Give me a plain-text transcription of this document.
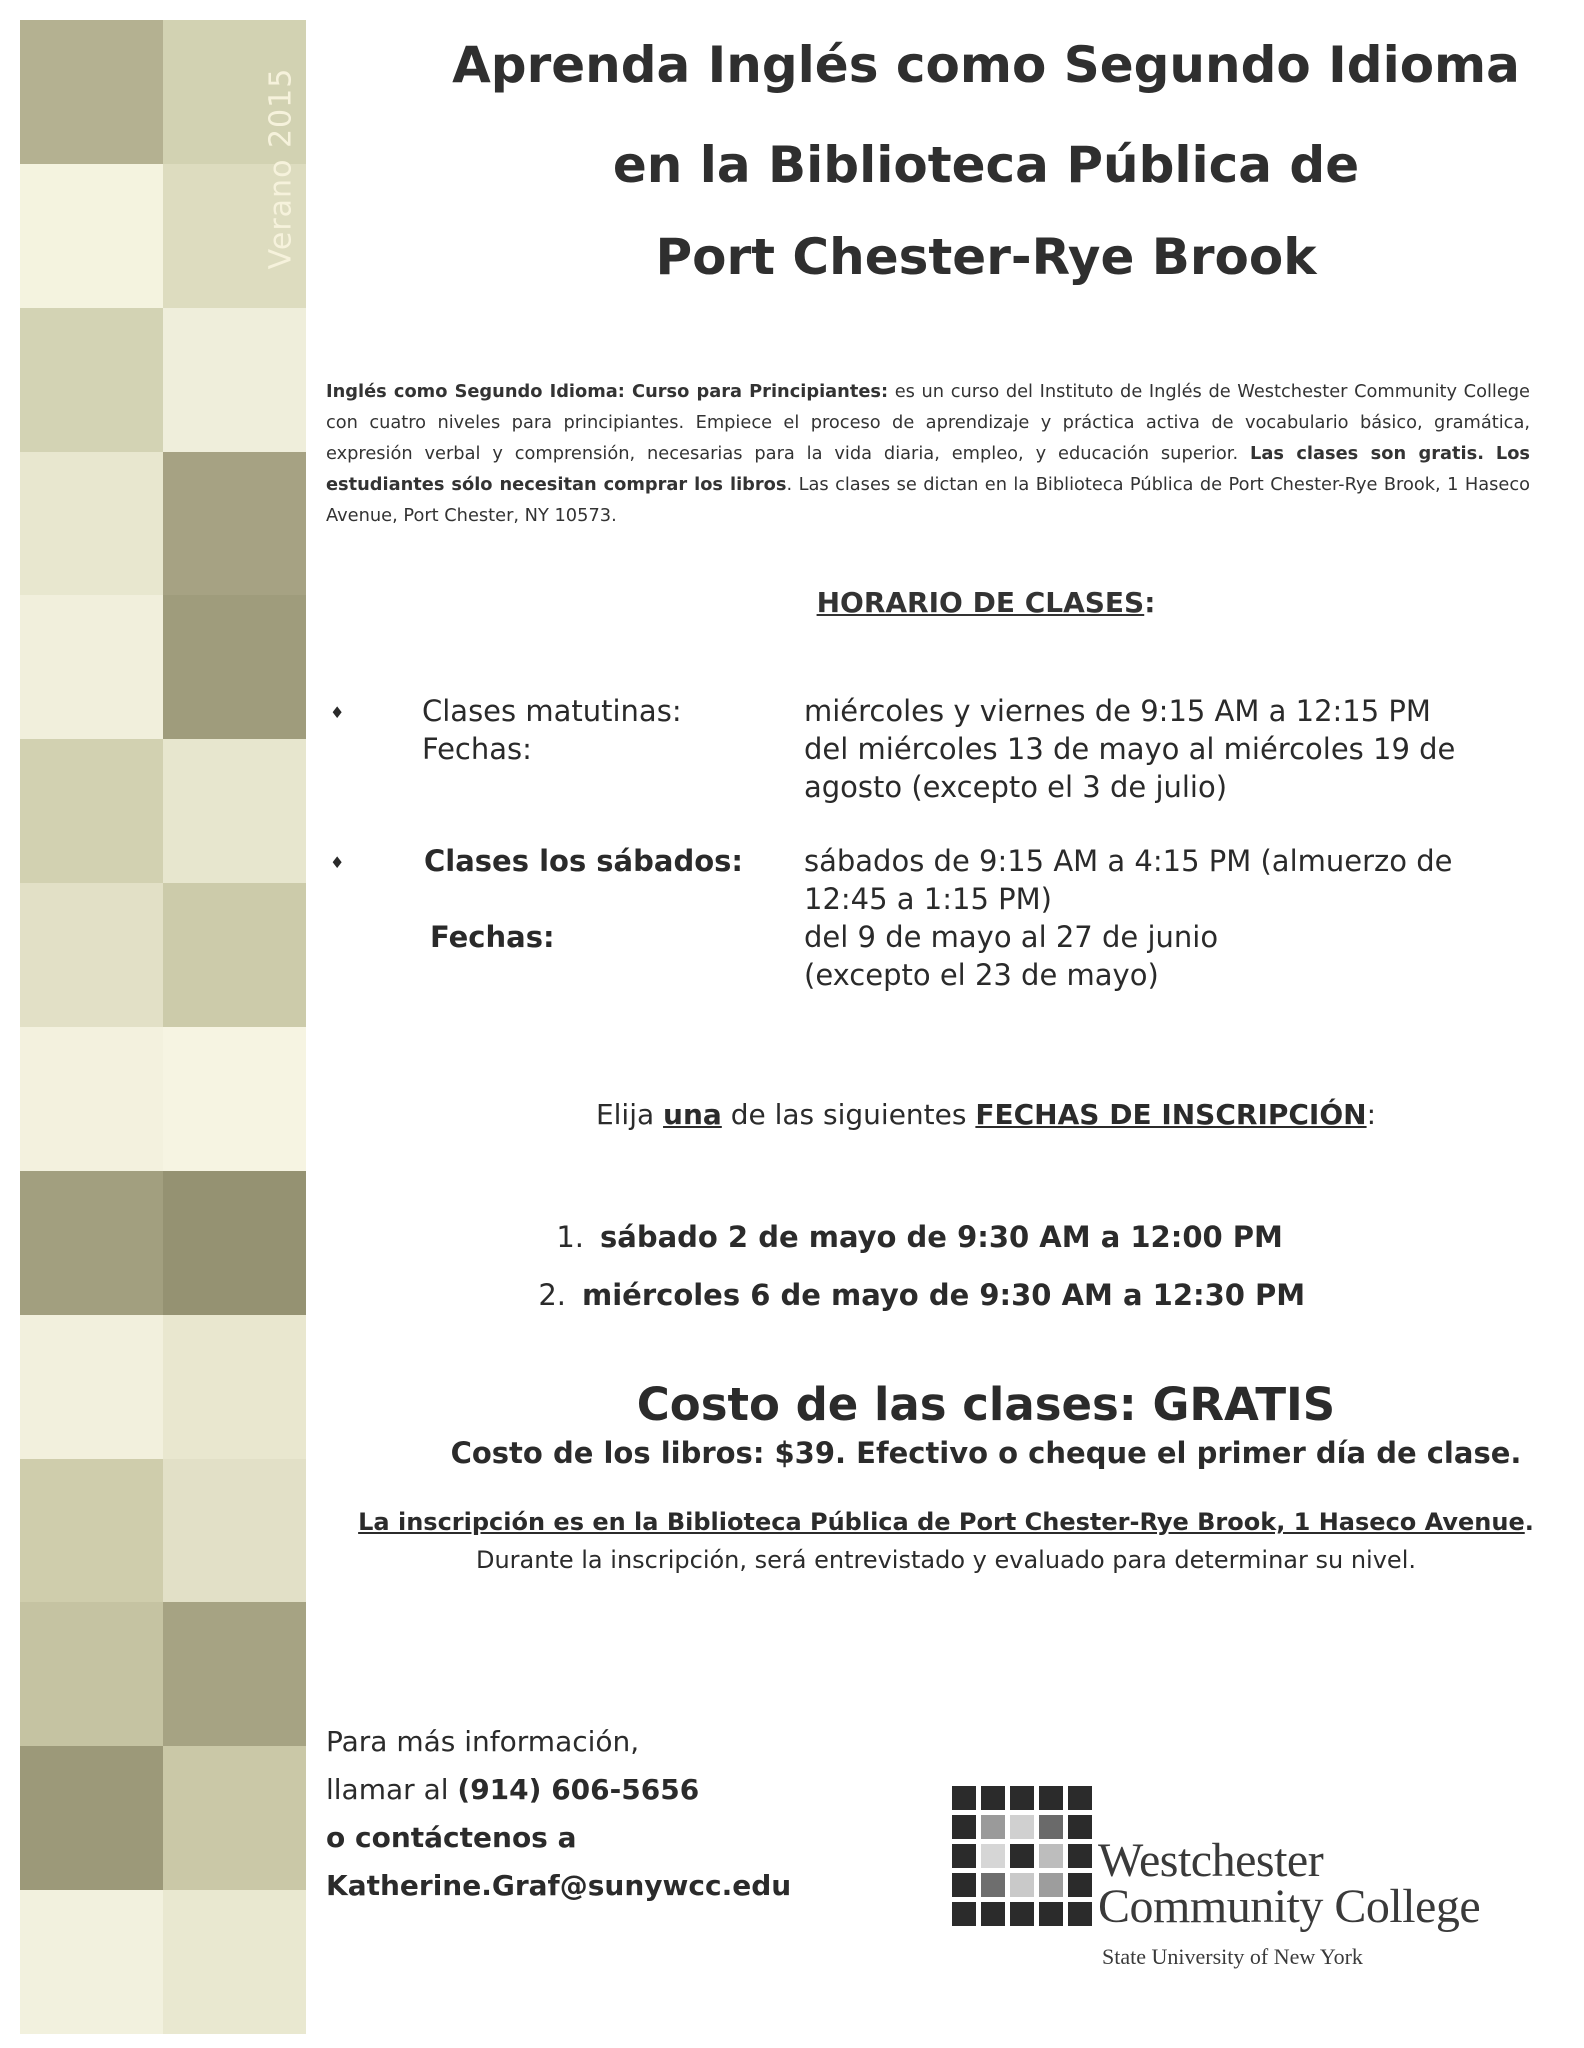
Verano 2015
Aprenda Inglés como Segundo Idioma
en la Biblioteca Pública de
Port Chester-Rye Brook

Inglés como Segundo Idioma: Curso para Principiantes: es un curso del Instituto de Inglés de Westchester Community College con cuatro niveles para principiantes. Empiece el proceso de aprendizaje y práctica activa de vocabulario básico, gramática, expresión verbal y comprensión, necesarias para la vida diaria, empleo, y educación superior. Las clases son gratis. Los estudiantes sólo necesitan comprar los libros. Las clases se dictan en la Biblioteca Pública de Port Chester-Rye Brook, 1 Haseco Avenue, Port Chester, NY 10573.

HORARIO DE CLASES:
♦	Clases matutinas:	miércoles y viernes de 9:15 AM a 12:15 PM
Fechas:	del miércoles 13 de mayo al miércoles 19 de agosto (excepto el 3 de julio)
♦	Clases los sábados: sábados de 9:15 AM a 4:15 PM (almuerzo de 12:45 a 1:15 PM)
Fechas:	del 9 de mayo al 27 de junio
(excepto el 23 de mayo)
Elija una de las siguientes FECHAS DE INSCRIPCIÓN:
1. sábado 2 de mayo de 9:30 AM a 12:00 PM
2. miércoles 6 de mayo de 9:30 AM a 12:30 PM
Costo de las clases: GRATIS
Costo de los libros: $39. Efectivo o cheque el primer día de clase.
La inscripción es en la Biblioteca Pública de Port Chester-Rye Brook, 1 Haseco Avenue.
Durante la inscripción, será entrevistado y evaluado para determinar su nivel.
Para más información,
llamar al (914) 606-5656
o contáctenos a
Katherine.Graf@sunywcc.edu	Westchester
Community College
State University of New York
